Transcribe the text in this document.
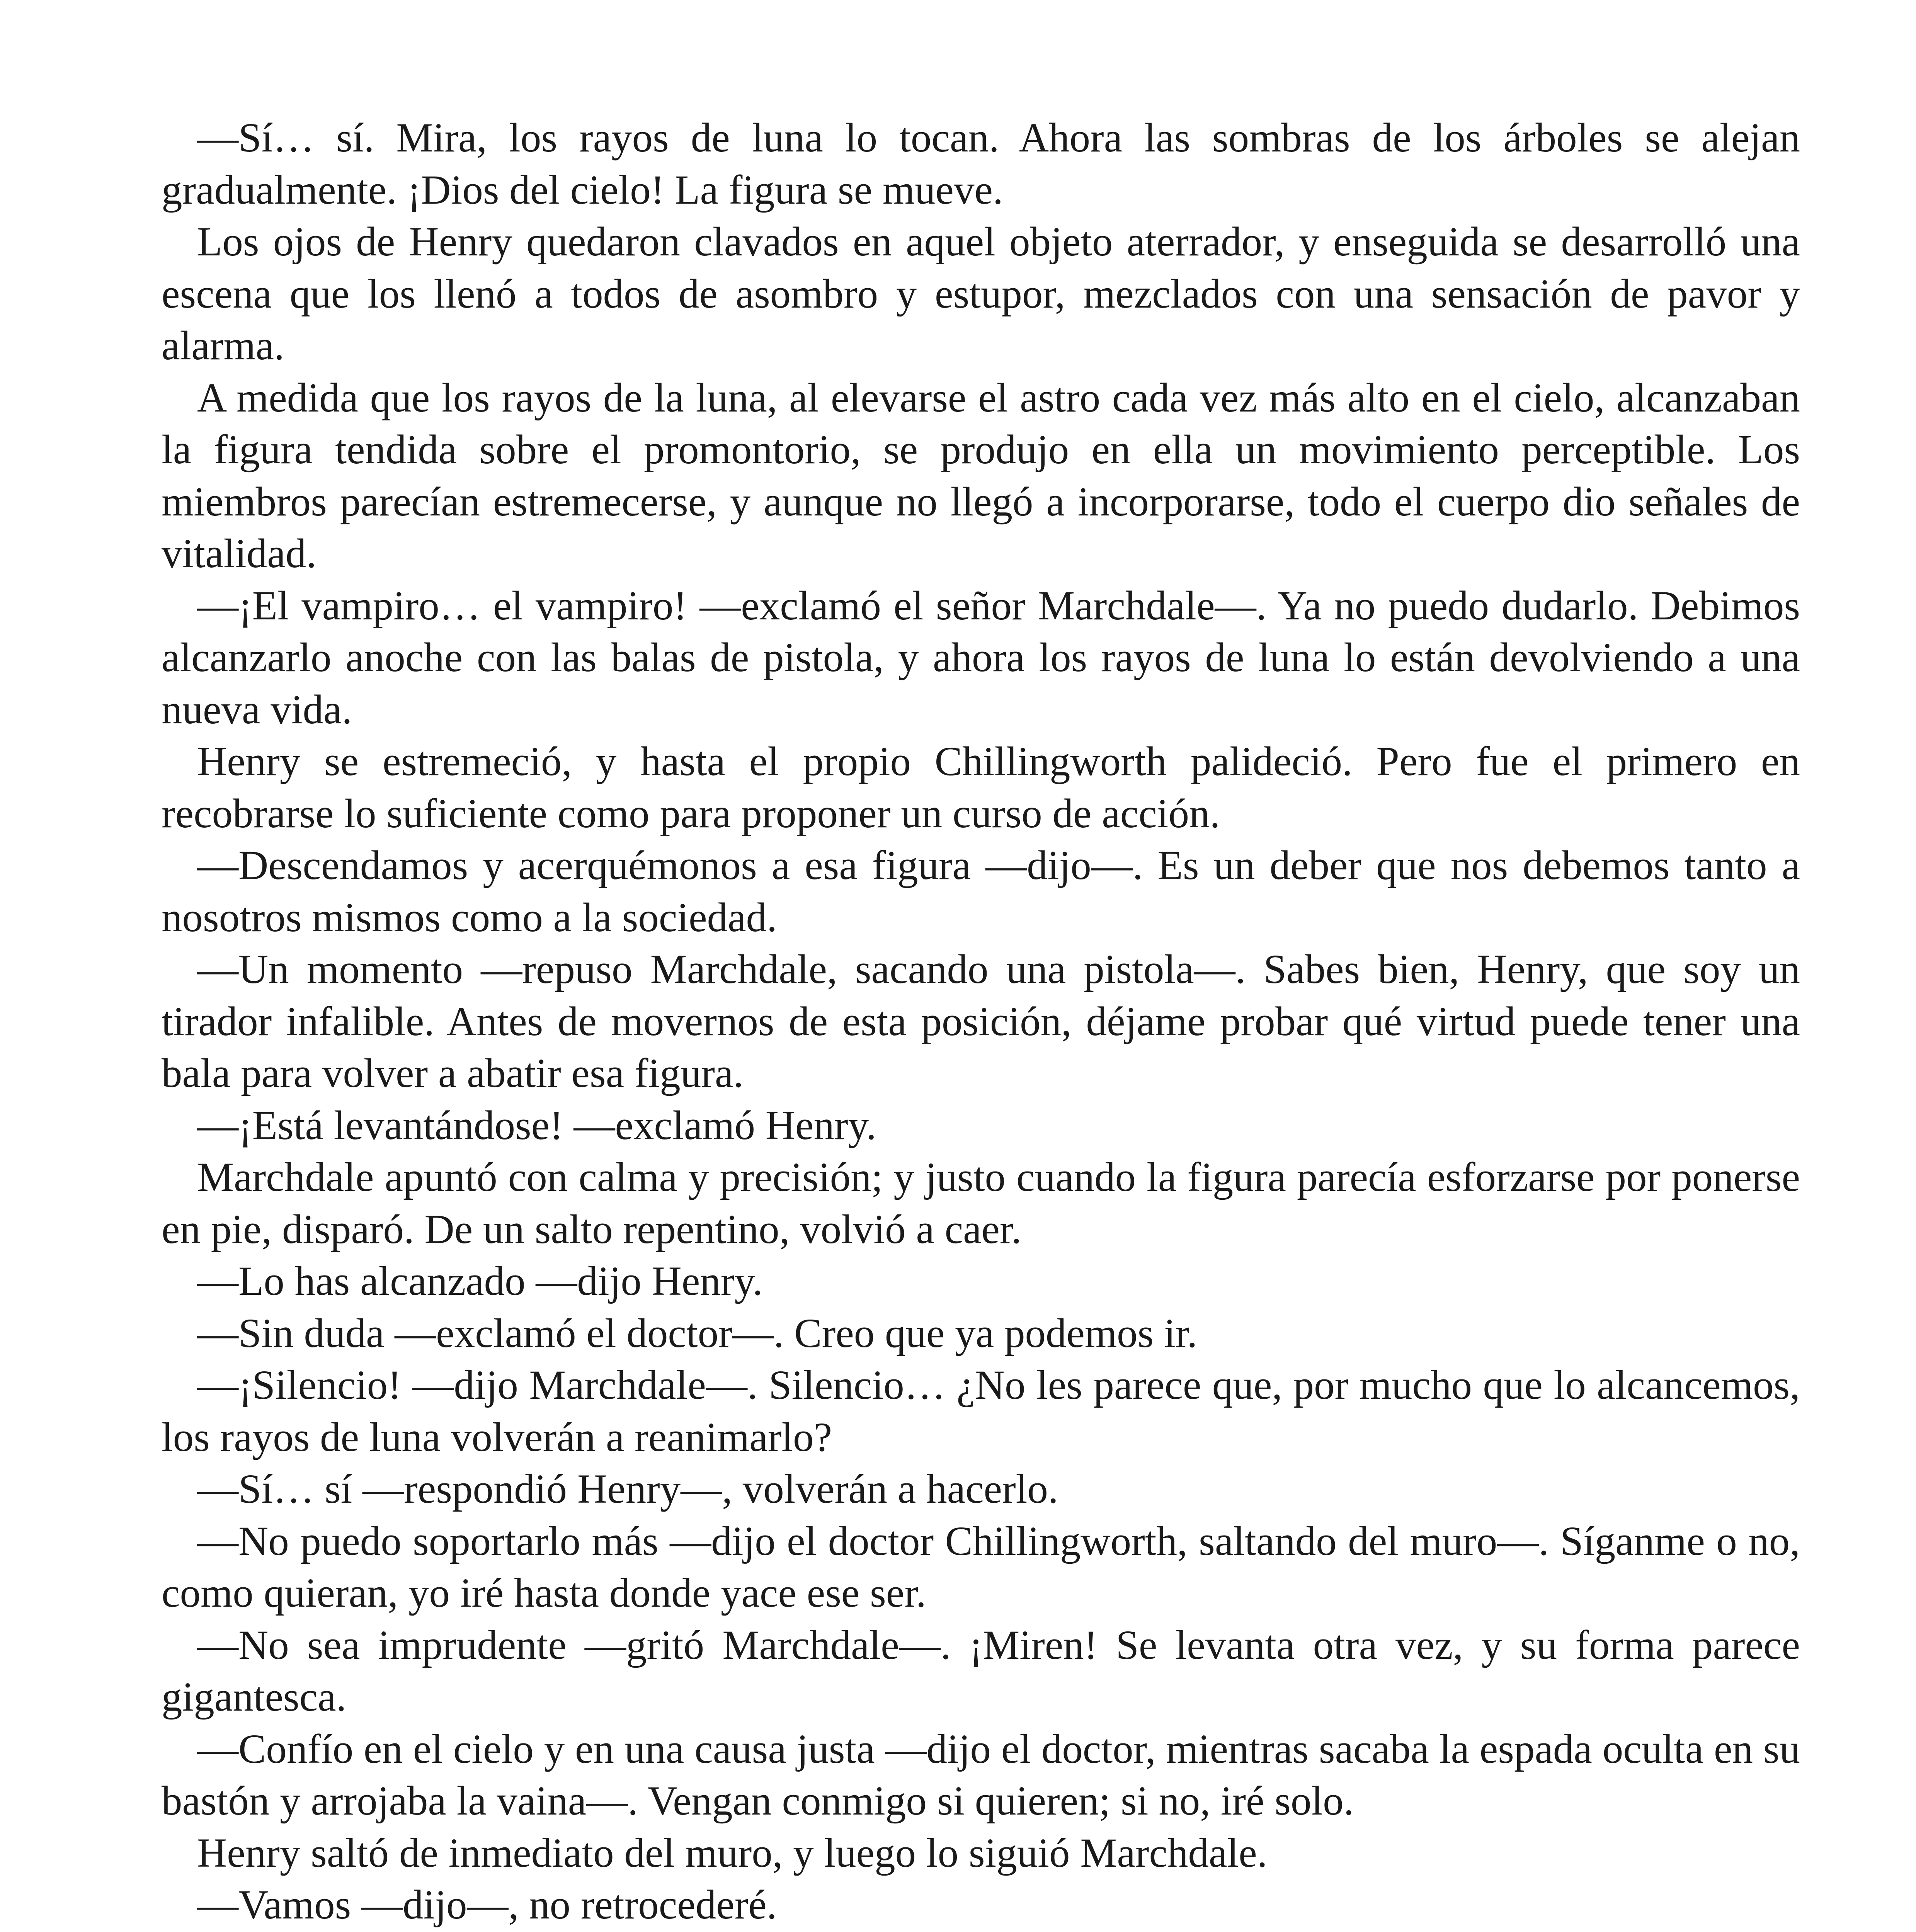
—Sí… sí. Mira, los rayos de luna lo tocan. Ahora las sombras de los árboles se alejan gradualmente. ¡Dios del cielo! La figura se mueve.

Los ojos de Henry quedaron clavados en aquel objeto aterrador, y enseguida se desarrolló una escena que los llenó a todos de asombro y estupor, mezclados con una sensación de pavor y alarma.

A medida que los rayos de la luna, al elevarse el astro cada vez más alto en el cielo, alcanzaban la figura tendida sobre el promontorio, se produjo en ella un movimiento perceptible. Los miembros parecían estremecerse, y aunque no llegó a incorporarse, todo el cuerpo dio señales de vitalidad.

—¡El vampiro… el vampiro! —exclamó el señor Marchdale—. Ya no puedo dudarlo. Debimos alcanzarlo anoche con las balas de pistola, y ahora los rayos de luna lo están devolviendo a una nueva vida.

Henry se estremeció, y hasta el propio Chillingworth palideció. Pero fue el primero en recobrarse lo suficiente como para proponer un curso de acción.

—Descendamos y acerquémonos a esa figura —dijo—. Es un deber que nos debemos tanto a nosotros mismos como a la sociedad.

—Un momento —repuso Marchdale, sacando una pistola—. Sabes bien, Henry, que soy un tirador infalible. Antes de movernos de esta posición, déjame probar qué virtud puede tener una bala para volver a abatir esa figura.

—¡Está levantándose! —exclamó Henry.

Marchdale apuntó con calma y precisión; y justo cuando la figura parecía esforzarse por ponerse en pie, disparó. De un salto repentino, volvió a caer.

—Lo has alcanzado —dijo Henry.

—Sin duda —exclamó el doctor—. Creo que ya podemos ir.

—¡Silencio! —dijo Marchdale—. Silencio… ¿No les parece que, por mucho que lo alcancemos, los rayos de luna volverán a reanimarlo?

—Sí… sí —respondió Henry—, volverán a hacerlo.

—No puedo soportarlo más —dijo el doctor Chillingworth, saltando del muro—. Síganme o no, como quieran, yo iré hasta donde yace ese ser.

—No sea imprudente —gritó Marchdale—. ¡Miren! Se levanta otra vez, y su forma parece gigantesca.

—Confío en el cielo y en una causa justa —dijo el doctor, mientras sacaba la espada oculta en su bastón y arrojaba la vaina—. Vengan conmigo si quieren; si no, iré solo.

Henry saltó de inmediato del muro, y luego lo siguió Marchdale.

—Vamos —dijo—, no retrocederé.
